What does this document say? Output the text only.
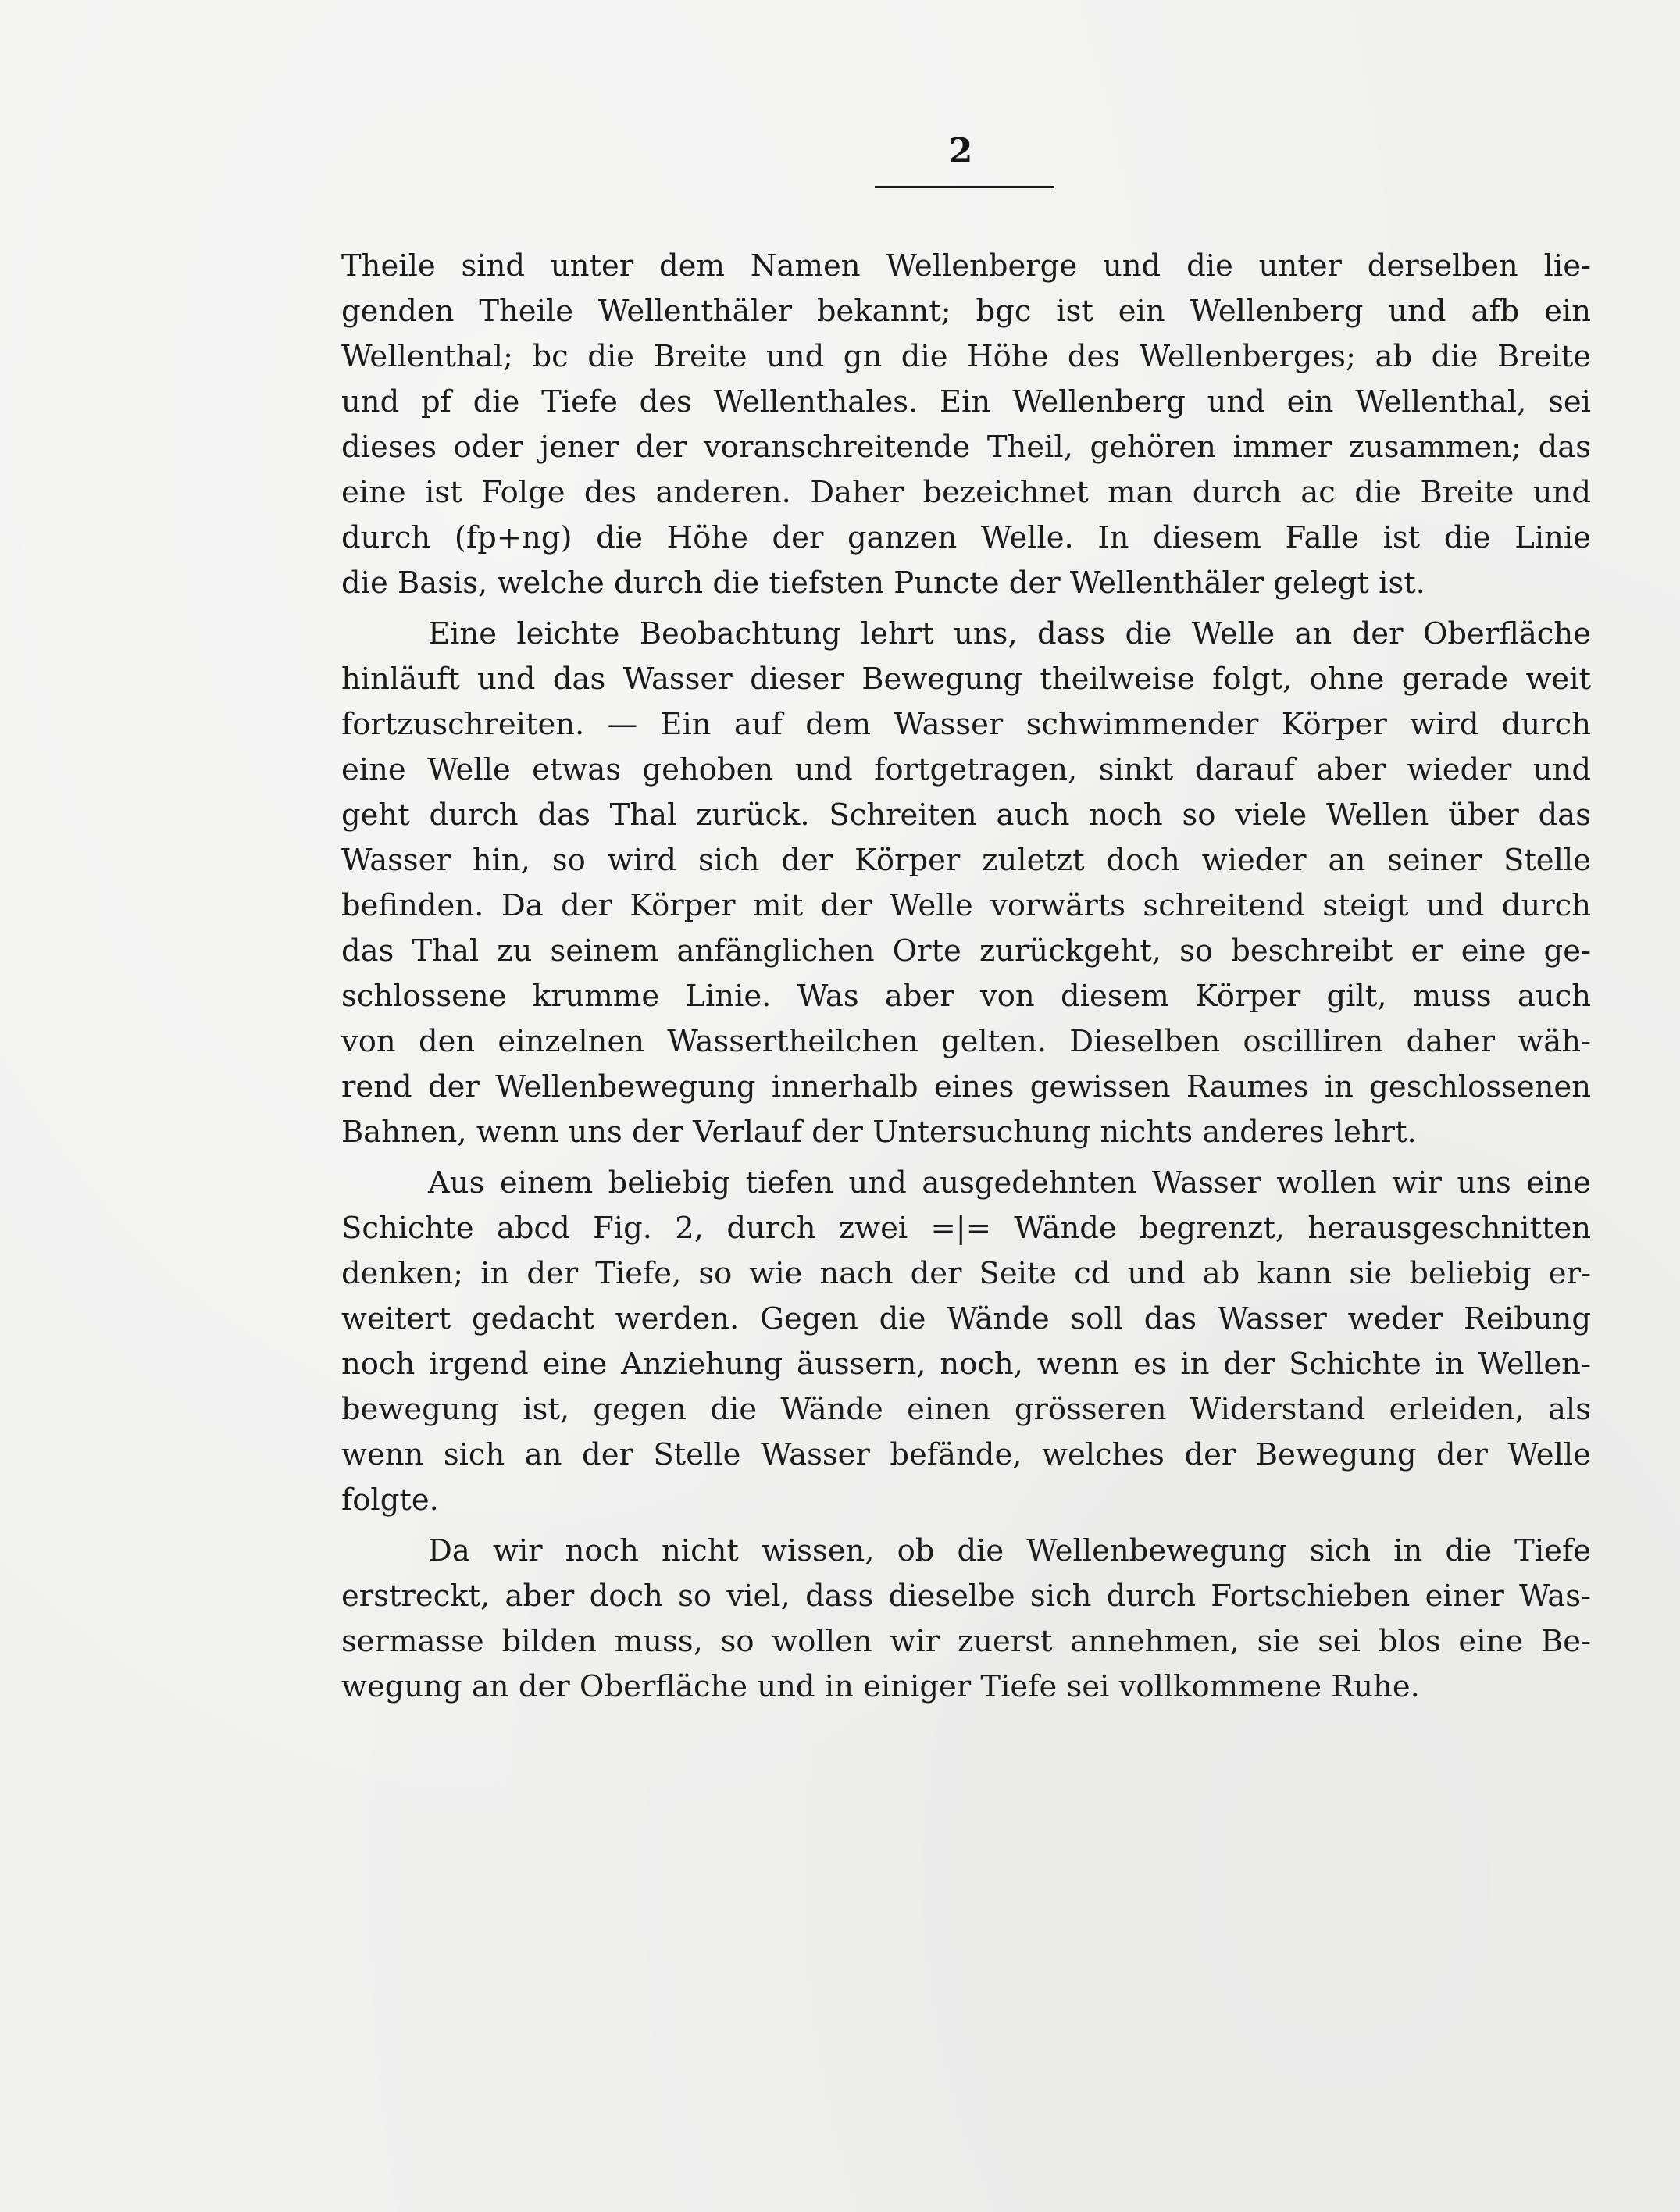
2
Theile sind unter dem Namen Wellenberge und die unter derselben lie-
genden Theile Wellenthäler bekannt; bgc ist ein Wellenberg und afb ein
Wellenthal; bc die Breite und gn die Höhe des Wellenberges; ab die Breite
und pf die Tiefe des Wellenthales. Ein Wellenberg und ein Wellenthal, sei
dieses oder jener der voranschreitende Theil, gehören immer zusammen; das
eine ist Folge des anderen. Daher bezeichnet man durch ac die Breite und
durch (fp+ng) die Höhe der ganzen Welle. In diesem Falle ist die Linie
die Basis, welche durch die tiefsten Puncte der Wellenthäler gelegt ist.
Eine leichte Beobachtung lehrt uns, dass die Welle an der Oberfläche
hinläuft und das Wasser dieser Bewegung theilweise folgt, ohne gerade weit
fortzuschreiten. — Ein auf dem Wasser schwimmender Körper wird durch
eine Welle etwas gehoben und fortgetragen, sinkt darauf aber wieder und
geht durch das Thal zurück. Schreiten auch noch so viele Wellen über das
Wasser hin, so wird sich der Körper zuletzt doch wieder an seiner Stelle
befinden. Da der Körper mit der Welle vorwärts schreitend steigt und durch
das Thal zu seinem anfänglichen Orte zurückgeht, so beschreibt er eine ge-
schlossene krumme Linie. Was aber von diesem Körper gilt, muss auch
von den einzelnen Wassertheilchen gelten. Dieselben oscilliren daher wäh-
rend der Wellenbewegung innerhalb eines gewissen Raumes in geschlossenen
Bahnen, wenn uns der Verlauf der Untersuchung nichts anderes lehrt.
Aus einem beliebig tiefen und ausgedehnten Wasser wollen wir uns eine
Schichte abcd Fig. 2, durch zwei =|= Wände begrenzt, herausgeschnitten
denken; in der Tiefe, so wie nach der Seite cd und ab kann sie beliebig er-
weitert gedacht werden. Gegen die Wände soll das Wasser weder Reibung
noch irgend eine Anziehung äussern, noch, wenn es in der Schichte in Wellen-
bewegung ist, gegen die Wände einen grösseren Widerstand erleiden, als
wenn sich an der Stelle Wasser befände, welches der Bewegung der Welle
folgte.
Da wir noch nicht wissen, ob die Wellenbewegung sich in die Tiefe
erstreckt, aber doch so viel, dass dieselbe sich durch Fortschieben einer Was-
sermasse bilden muss, so wollen wir zuerst annehmen, sie sei blos eine Be-
wegung an der Oberfläche und in einiger Tiefe sei vollkommene Ruhe.
